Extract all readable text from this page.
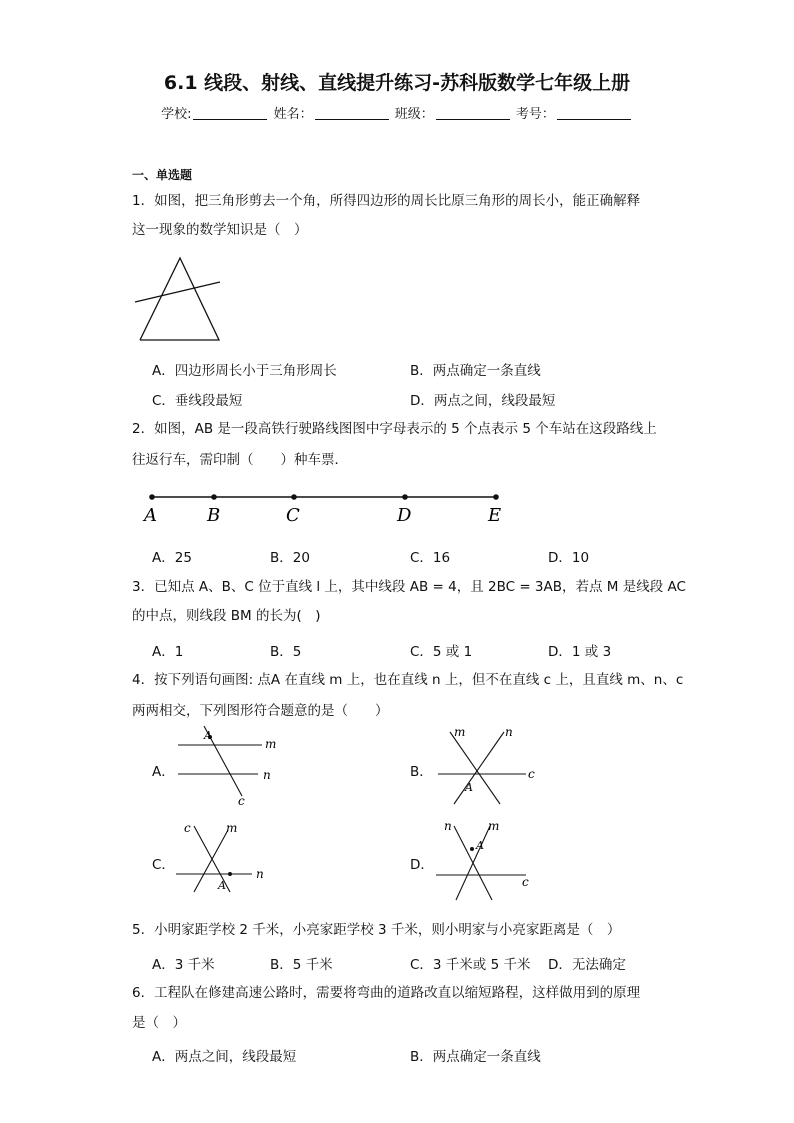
6.1 线段、射线、直线提升练习-苏科版数学七年级上册
学校:	姓名：	班级：	考号：
一、单选题
1．如图，把三角形剪去一个角，所得四边形的周长比原三角形的周长小，能正确解释
这一现象的数学知识是（　）
A．四边形周长小于三角形周长	B．两点确定一条直线
C．垂线段最短	D．两点之间，线段最短
2．如图，AB 是一段高铁行驶路线图图中字母表示的 5 个点表示 5 个车站在这段路线上
往返行车，需印制（　　）种车票．
A	B	C	D	E
A．25	B．20	C．16	D．10
3．已知点 A、B、C 位于直线 l 上，其中线段 AB = 4，且 2BC = 3AB，若点 M 是线段 AC
的中点，则线段 BM 的长为(　)
A．1	B．5	C．5 或 1	D．1 或 3
4．按下列语句画图: 点A 在直线 m 上，也在直线 n 上，但不在直线 c 上，且直线 m、n、c
两两相交，下列图形符合题意的是（　　）
A．
A
m
n
c
B．
m	n
c
A
C．
c	m
A
n
D．
n	m
A
c
5．小明家距学校 2 千米，小亮家距学校 3 千米，则小明家与小亮家距离是（　）
A．3 千米	B．5 千米	C．3 千米或 5 千米 D．无法确定
6．工程队在修建高速公路时，需要将弯曲的道路改直以缩短路程，这样做用到的原理
是（　）
A．两点之间，线段最短	B．两点确定一条直线
